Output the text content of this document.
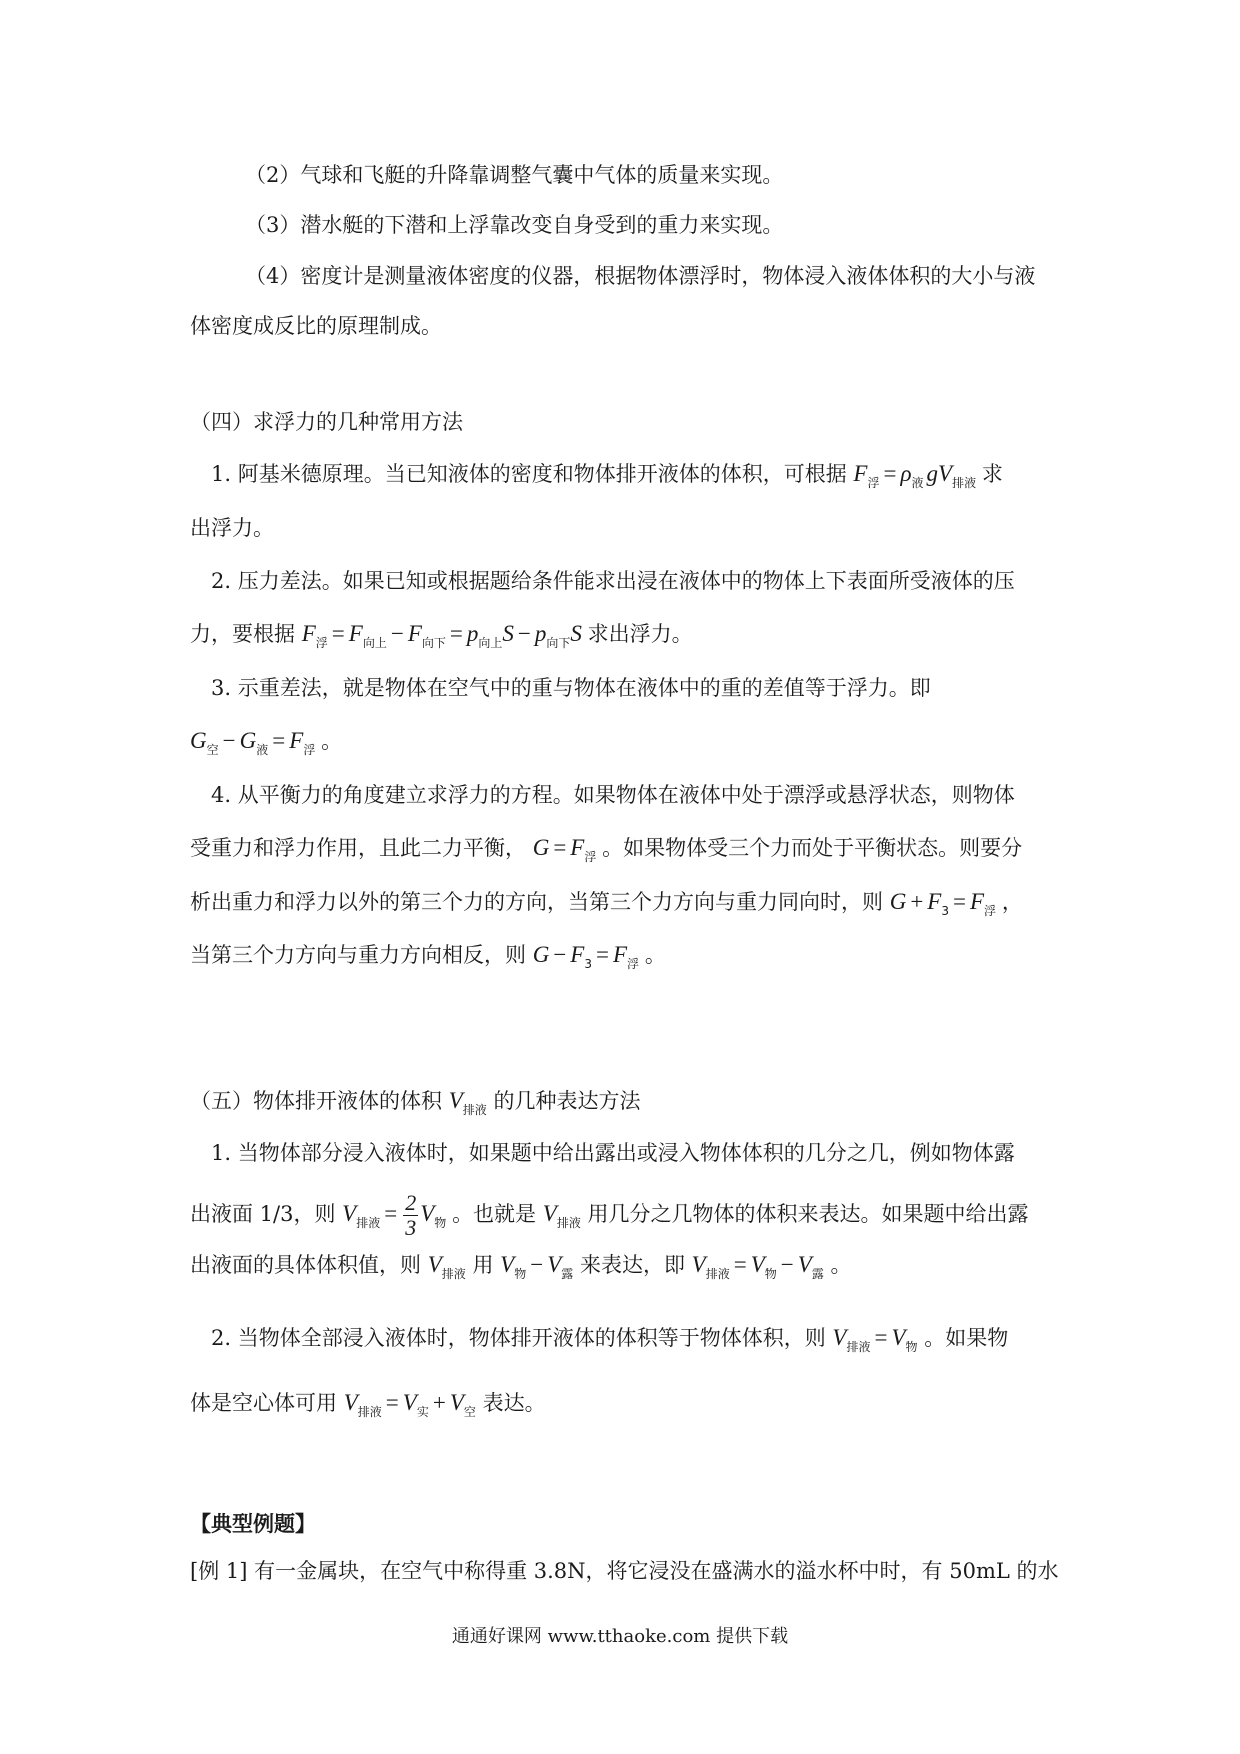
（2）气球和飞艇的升降靠调整气囊中气体的质量来实现。
（3）潜水艇的下潜和上浮靠改变自身受到的重力来实现。
（4）密度计是测量液体密度的仪器，根据物体漂浮时，物体浸入液体体积的大小与液
体密度成反比的原理制成。
（四）求浮力的几种常用方法
1. 阿基米德原理。当已知液体的密度和物体排开液体的体积，可根据 $F_浮 = \rho_液$ $gV_{排液}$ 求
出浮力。
2. 压力差法。如果已知或根据题给条件能求出浸在液体中的物体上下表面所受液体的压
力，要根据 $F_浮 = F_{向上} - F_{向下} = p_{向上}S - p_{向下}S$ 求出浮力。
3. 示重差法，就是物体在空气中的重与物体在液体中的重的差值等于浮力。即
$G_空 - G_液 = F_浮$ 。
4. 从平衡力的角度建立求浮力的方程。如果物体在液体中处于漂浮或悬浮状态，则物体
受重力和浮力作用，且此二力平衡， $G = F_浮$ 。如果物体受三个力而处于平衡状态。则要分
析出重力和浮力以外的第三个力的方向，当第三个力方向与重力同向时，则 $G + F_3 = F_浮$ ，
当第三个力方向与重力方向相反，则 $G - F_3 = F_浮$ 。
（五）物体排开液体的体积 $V_{排液}$ 的几种表达方法
1. 当物体部分浸入液体时，如果题中给出露出或浸入物体体积的几分之几，例如物体露
出液面 1/3，则 $V_{排液} = \frac{2}{3} V_物$ 。也就是 $V_{排液}$ 用几分之几物体的体积来表达。如果题中给出露
出液面的具体体积值，则 $V_{排液}$ 用 $V_物 - V_露$ 来表达，即 $V_{排液} = V_物 - V_露$ 。
2. 当物体全部浸入液体时，物体排开液体的体积等于物体体积，则 $V_{排液} = V_物$ 。如果物
体是空心体可用 $V_{排液} = V_实 + V_空$ 表达。
【典型例题】
[例 1] 有一金属块，在空气中称得重 3.8N，将它浸没在盛满水的溢水杯中时，有 50mL 的水
通通好课网 www.tthaoke.com 提供下载
